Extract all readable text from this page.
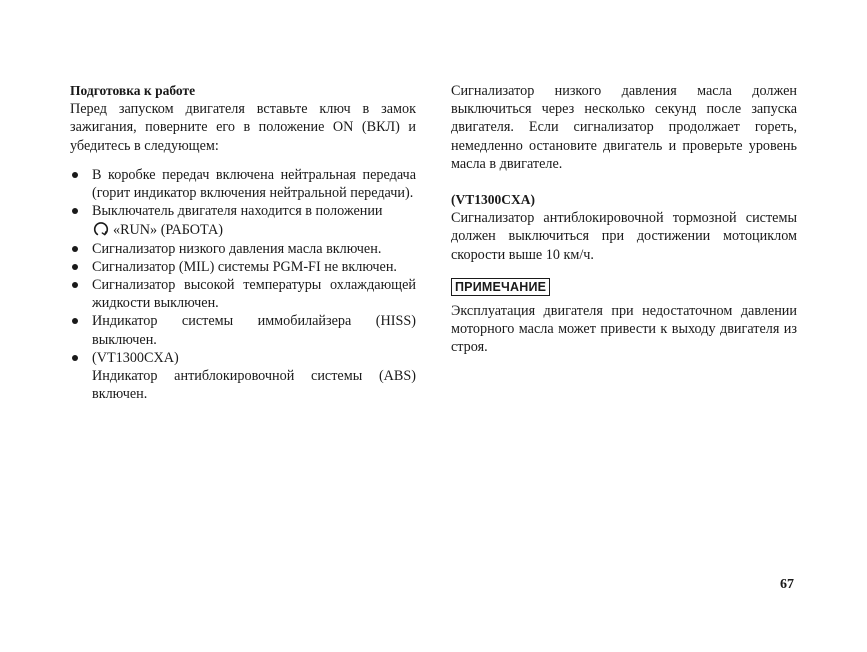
Подготовка к работе

Перед запуском двигателя вставьте ключ в замок зажигания, поверните его в положение ON (ВКЛ) и убедитесь в следующем:

В коробке передач включена нейтральная передача (горит индикатор включения нейтральной передачи).
Выключатель двигателя находится в положении
«RUN» (РАБОТА)
Сигнализатор низкого давления масла включен.
Сигнализатор (MIL) системы PGM-FI не включен.
Сигнализатор высокой температуры охлаждающей жидкости выключен.
Индикатор системы иммобилайзера (HISS) выключен.
(VT1300CXA)
Индикатор антиблокировочной системы (ABS) включен.

Сигнализатор низкого давления масла должен выключиться через несколько секунд после запуска двигателя. Если сигнализатор продолжает гореть, немедленно остановите двигатель и проверьте уровень масла в двигателе.

(VT1300CXA)

Сигнализатор антиблокировочной тормозной системы должен выключиться при достижении мотоциклом скорости выше 10 км/ч.

ПРИМЕЧАНИЕ

Эксплуатация двигателя при недостаточном давлении моторного масла может привести к выходу двигателя из строя.

67
